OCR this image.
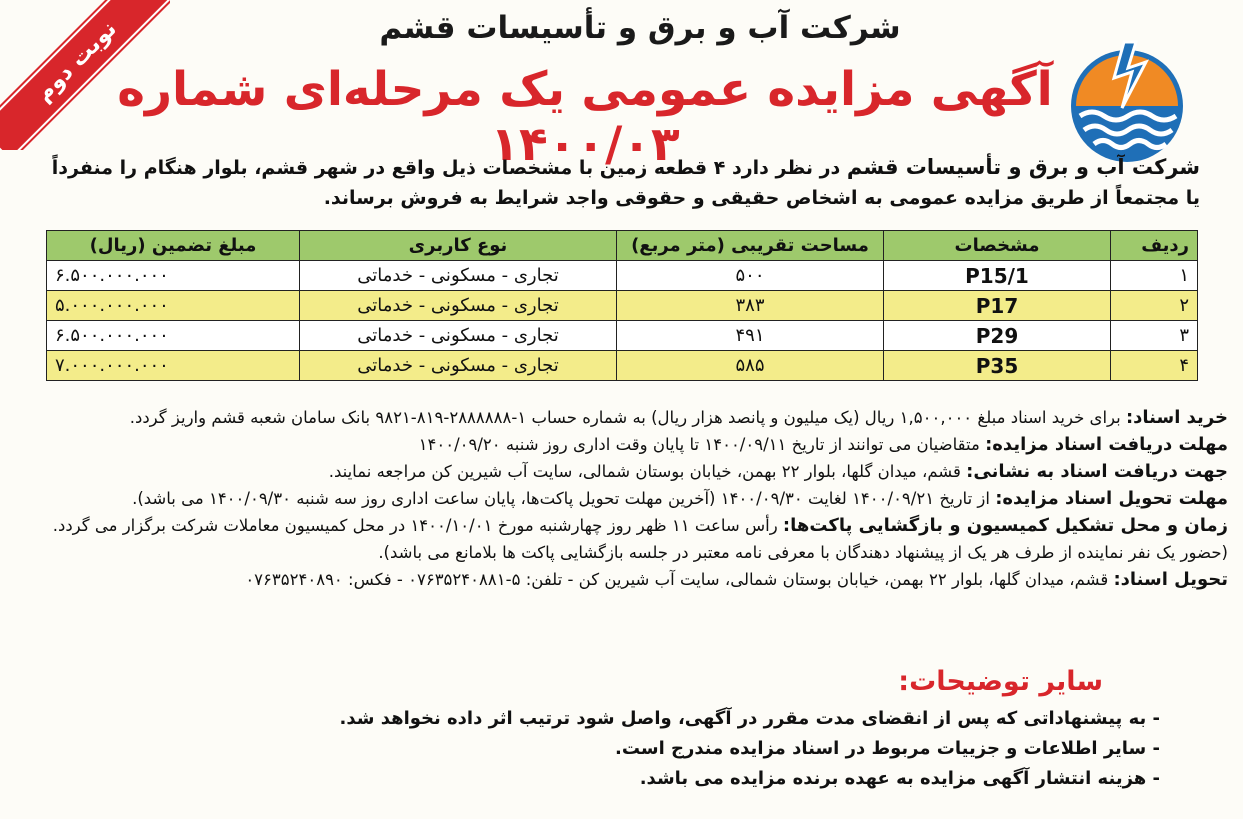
نوبت دوم	شرکت آب و برق و تأسیسات قشم
آگهی مزایده عمومی یک مرحله‌ای شماره ۱۴۰۰/۰۳	شرکت آب و برق و تأسیسات قشم در نظر دارد ۴ قطعه زمین با مشخصات ذیل واقع در شهر قشم، بلوار هنگام را منفرداً یا مجتمعاً از طریق مزایده عمومی به اشخاص حقیقی و حقوقی واجد شرایط به فروش برساند.
ردیف	مشخصات	مساحت تقریبی (متر مربع)	نوع کاربری	مبلغ تضمین (ریال)
۱	P15/1	۵۰۰	تجاری - مسکونی - خدماتی	۶.۵۰۰.۰۰۰.۰۰۰
۲	P17	۳۸۳	تجاری - مسکونی - خدماتی	۵.۰۰۰.۰۰۰.۰۰۰
۳	P29	۴۹۱	تجاری - مسکونی - خدماتی	۶.۵۰۰.۰۰۰.۰۰۰
۴	P35	۵۸۵	تجاری - مسکونی - خدماتی	۷.۰۰۰.۰۰۰.۰۰۰

خرید اسناد: برای خرید اسناد مبلغ ۱,۵۰۰,۰۰۰ ریال (یک میلیون و پانصد هزار ریال) به شماره حساب ۱-۲۸۸۸۸۸۸-۸۱۹-۹۸۲۱ بانک سامان شعبه قشم واریز گردد.

مهلت دریافت اسناد مزایده: متقاضیان می توانند از تاریخ ۱۴۰۰/۰۹/۱۱ تا پایان وقت اداری روز شنبه ۱۴۰۰/۰۹/۲۰

جهت دریافت اسناد به نشانی: قشم، میدان گلها، بلوار ۲۲ بهمن، خیابان بوستان شمالی، سایت آب شیرین کن مراجعه نمایند.

مهلت تحویل اسناد مزایده: از تاریخ ۱۴۰۰/۰۹/۲۱ لغایت ۱۴۰۰/۰۹/۳۰ (آخرین مهلت تحویل پاکت‌ها، پایان ساعت اداری روز سه شنبه ۱۴۰۰/۰۹/۳۰ می باشد).

زمان و محل تشکیل کمیسیون و بازگشایی پاکت‌ها: رأس ساعت ۱۱ ظهر روز چهارشنبه مورخ ۱۴۰۰/۱۰/۰۱ در محل کمیسیون معاملات شرکت برگزار می گردد.

(حضور یک نفر نماینده از طرف هر یک از پیشنهاد دهندگان با معرفی نامه معتبر در جلسه بازگشایی پاکت ها بلامانع می باشد).

تحویل اسناد: قشم، میدان گلها، بلوار ۲۲ بهمن، خیابان بوستان شمالی، سایت آب شیرین کن - تلفن: ۵-۰۷۶۳۵۲۴۰۸۸۱ - فکس: ۰۷۶۳۵۲۴۰۸۹۰

سایر توضیحات:

- به پیشنهاداتی که پس از انقضای مدت مقرر در آگهی، واصل شود ترتیب اثر داده نخواهد شد.

- سایر اطلاعات و جزییات مربوط در اسناد مزایده مندرج است.

- هزینه انتشار آگهی مزایده به عهده برنده مزایده می باشد.
